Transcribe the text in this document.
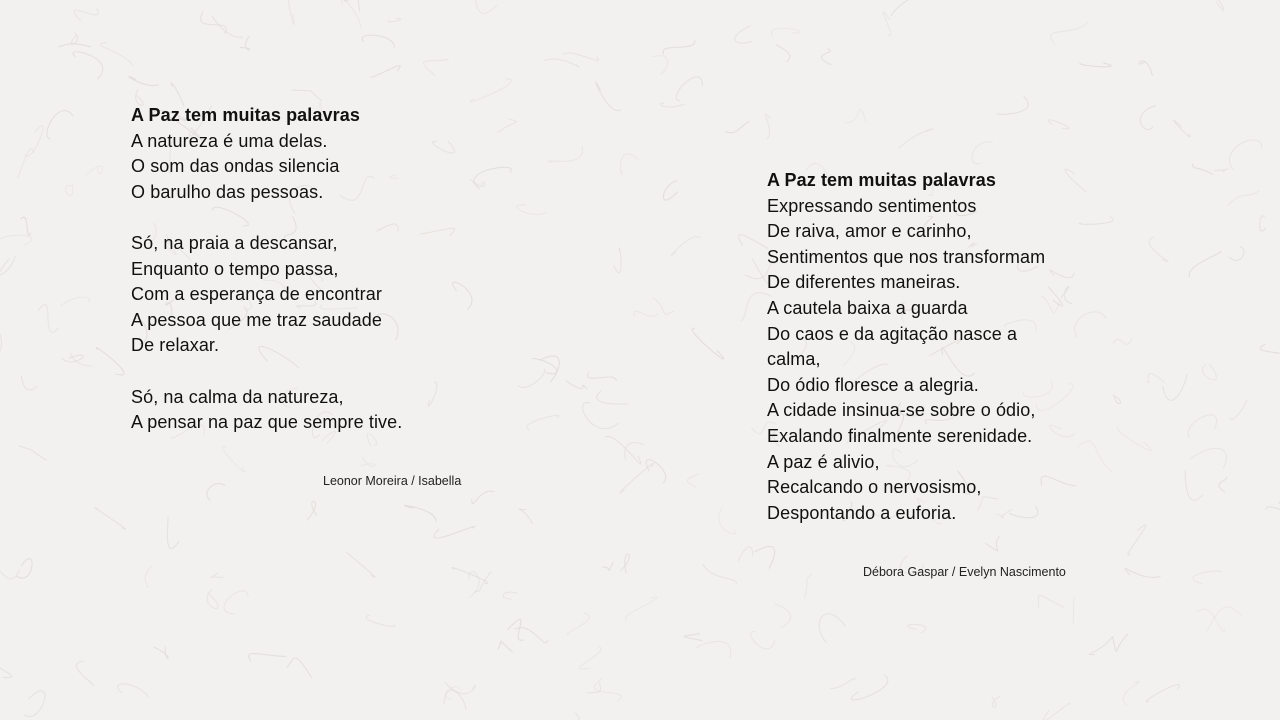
A Paz tem muitas palavras
A natureza é uma delas.
O som das ondas silencia
O barulho das pessoas.
Só, na praia a descansar,
Enquanto o tempo passa,
Com a esperança de encontrar
A pessoa que me traz saudade
De relaxar.
Só, na calma da natureza,
A pensar na paz que sempre tive.
Leonor Moreira / Isabella
A Paz tem muitas palavras
Expressando sentimentos
De raiva, amor e carinho,
Sentimentos que nos transformam
De diferentes maneiras.
A cautela baixa a guarda
Do caos e da agitação nasce a
calma,
Do ódio floresce a alegria.
A cidade insinua-se sobre o ódio,
Exalando finalmente serenidade.
A paz é alivio,
Recalcando o nervosismo,
Despontando a euforia.
Débora Gaspar / Evelyn Nascimento
